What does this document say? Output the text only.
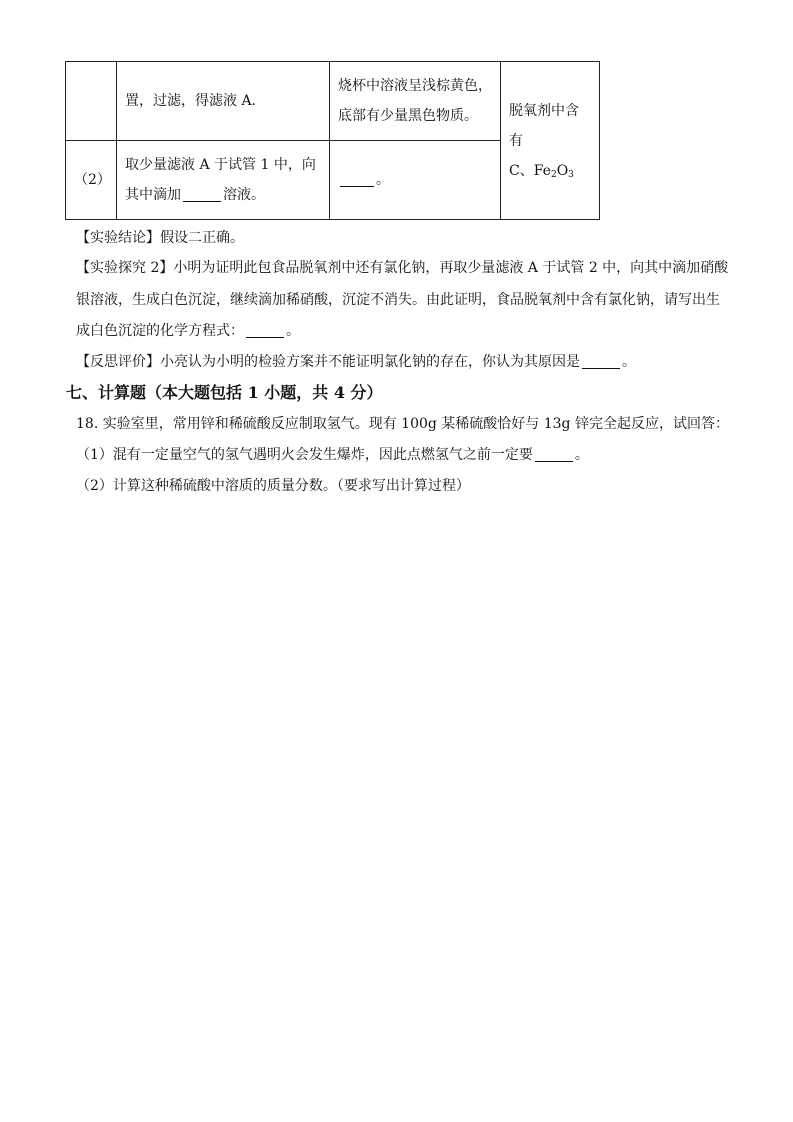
	置，过滤，得滤液 A．	烧杯中溶液呈浅棕黄色，
底部有少量黑色物质。	脱氧剂中含有
C、$Fe_2O_3$
（2）	取少量滤液 A 于试管 1 中，向
其中滴加 溶液。	。	
【实验结论】假设二正确。
【实验探究 2】小明为证明此包食品脱氧剂中还有氯化钠，再取少量滤液 A 于试管 2 中，向其中滴加硝酸
银溶液，生成白色沉淀，继续滴加稀硝酸，沉淀不消失。由此证明，食品脱氧剂中含有氯化钠，请写出生
成白色沉淀的化学方程式：	。
【反思评价】小亮认为小明的检验方案并不能证明氯化钠的存在，你认为其原因是	。
七、计算题（本大题包括 1 小题，共 4 分）
18. 实验室里，常用锌和稀硫酸反应制取氢气。现有 100g 某稀硫酸恰好与 13g 锌完全起反应，试回答：
（1）混有一定量空气的氢气遇明火会发生爆炸，因此点燃氢气之前一定要	。
（2）计算这种稀硫酸中溶质的质量分数。（要求写出计算过程）
